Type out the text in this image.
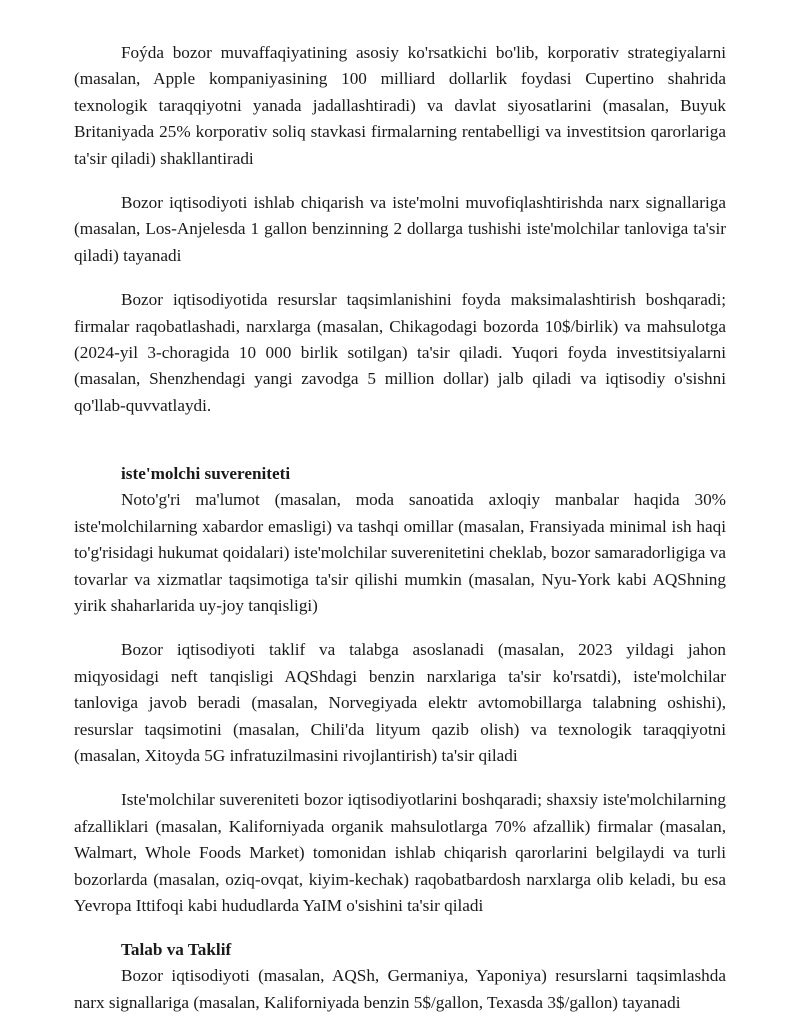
Foýda bozor muvaffaqiyatining asosiy ko'rsatkichi bo'lib, korporativ strategiyalarni (masalan, Apple kompaniyasining 100 milliard dollarlik foydasi Cupertino shahrida texnologik taraqqiyotni yanada jadallashtiradi) va davlat siyosatlarini (masalan, Buyuk Britaniyada 25% korporativ soliq stavkasi firmalarning rentabelligi va investitsion qarorlariga ta'sir qiladi) shakllantiradi

Bozor iqtisodiyoti ishlab chiqarish va iste'molni muvofiqlashtirishda narx signallariga (masalan, Los-Anjelesda 1 gallon benzinning 2 dollarga tushishi iste'molchilar tanloviga ta'sir qiladi) tayanadi

Bozor iqtisodiyotida resurslar taqsimlanishini foyda maksimalashtirish boshqaradi; firmalar raqobatlashadi, narxlarga (masalan, Chikagodagi bozorda 10$/birlik) va mahsulotga (2024-yil 3-choragida 10 000 birlik sotilgan) ta'sir qiladi. Yuqori foyda investitsiyalarni (masalan, Shenzhendagi yangi zavodga 5 million dollar) jalb qiladi va iqtisodiy o'sishni qo'llab-quvvatlaydi.

iste'molchi suvereniteti

Noto'g'ri ma'lumot (masalan, moda sanoatida axloqiy manbalar haqida 30% iste'molchilarning xabardor emasligi) va tashqi omillar (masalan, Fransiyada minimal ish haqi to'g'risidagi hukumat qoidalari) iste'molchilar suverenitetini cheklab, bozor samaradorligiga va tovarlar va xizmatlar taqsimotiga ta'sir qilishi mumkin (masalan, Nyu-York kabi AQShning yirik shaharlarida uy-joy tanqisligi)

Bozor iqtisodiyoti taklif va talabga asoslanadi (masalan, 2023 yildagi jahon miqyosidagi neft tanqisligi AQShdagi benzin narxlariga ta'sir ko'rsatdi), iste'molchilar tanloviga javob beradi (masalan, Norvegiyada elektr avtomobillarga talabning oshishi), resurslar taqsimotini (masalan, Chili'da lityum qazib olish) va texnologik taraqqiyotni (masalan, Xitoyda 5G infratuzilmasini rivojlantirish) ta'sir qiladi

Iste'molchilar suvereniteti bozor iqtisodiyotlarini boshqaradi; shaxsiy iste'molchilarning afzalliklari (masalan, Kaliforniyada organik mahsulotlarga 70% afzallik) firmalar (masalan, Walmart, Whole Foods Market) tomonidan ishlab chiqarish qarorlarini belgilaydi va turli bozorlarda (masalan, oziq-ovqat, kiyim-kechak) raqobatbardosh narxlarga olib keladi, bu esa Yevropa Ittifoqi kabi hududlarda YaIM o'sishini ta'sir qiladi

Talab va Taklif

Bozor iqtisodiyoti (masalan, AQSh, Germaniya, Yaponiya) resurslarni taqsimlashda narx signallariga (masalan, Kaliforniyada benzin 5$/gallon, Texasda 3$/gallon) tayanadi
